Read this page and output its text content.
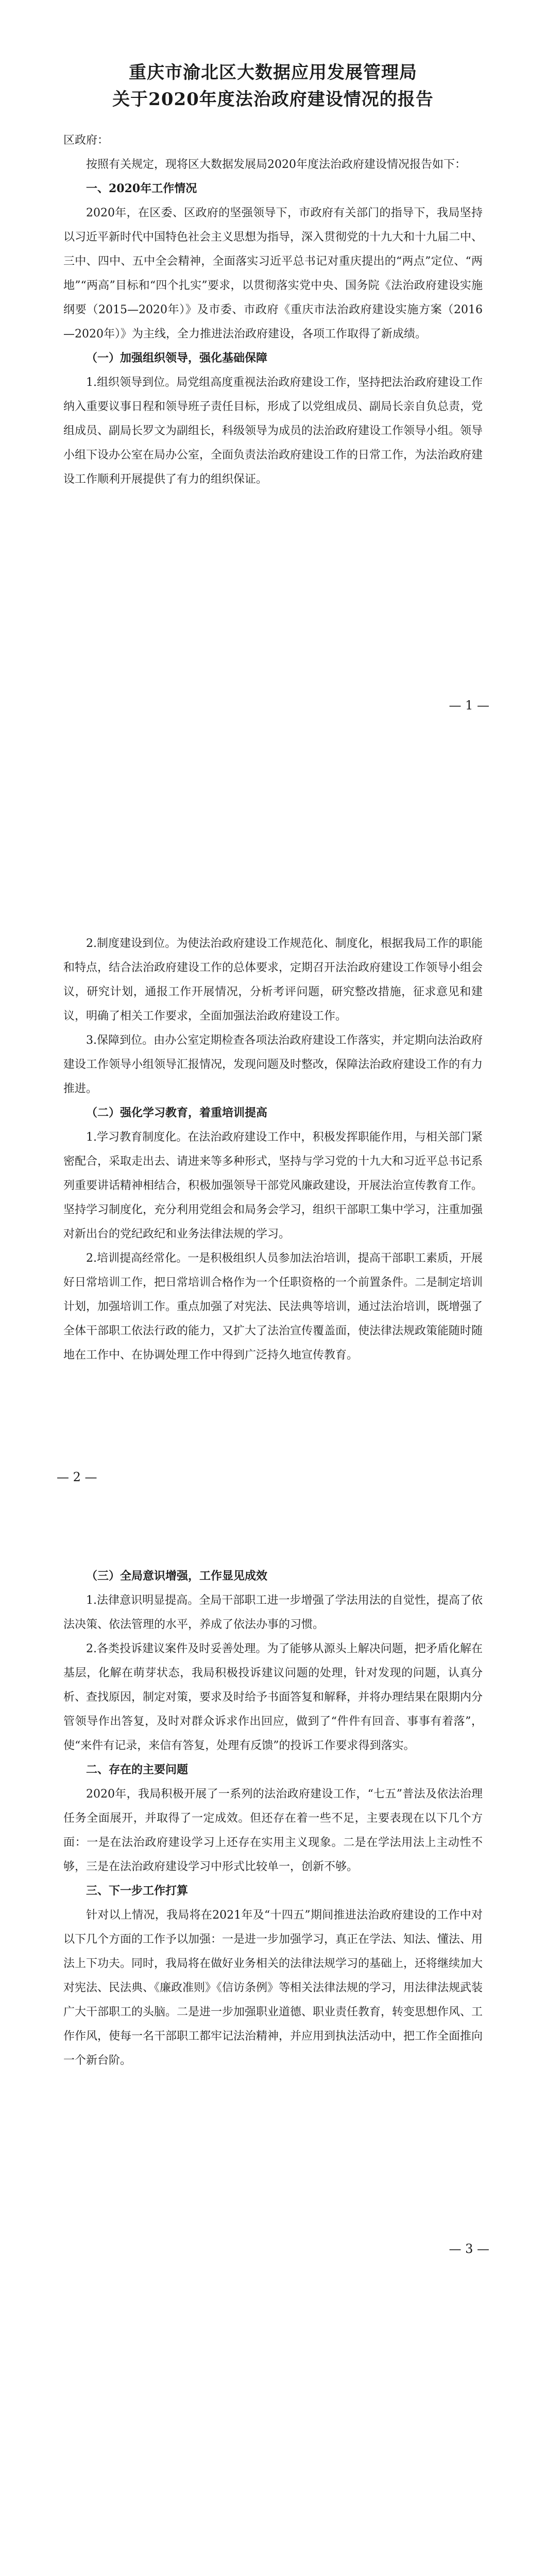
重庆市渝北区大数据应用发展管理局
关于2020年度法治政府建设情况的报告

区政府：

按照有关规定，现将区大数据发展局2020年度法治政府建设情况报告如下：

一、2020年工作情况

2020年，在区委、区政府的坚强领导下，市政府有关部门的指导下，我局坚持以习近平新时代中国特色社会主义思想为指导，深入贯彻党的十九大和十九届二中、三中、四中、五中全会精神，全面落实习近平总书记对重庆提出的“两点”定位、“两地”“两高”目标和“四个扎实”要求，以贯彻落实党中央、国务院《法治政府建设实施纲要（2015—2020年）》及市委、市政府《重庆市法治政府建设实施方案（2016—2020年）》为主线，全力推进法治政府建设，各项工作取得了新成绩。

（一）加强组织领导，强化基础保障

1.组织领导到位。局党组高度重视法治政府建设工作，坚持把法治政府建设工作纳入重要议事日程和领导班子责任目标，形成了以党组成员、副局长亲自负总责，党组成员、副局长罗文为副组长，科级领导为成员的法治政府建设工作领导小组。领导小组下设办公室在局办公室，全面负责法治政府建设工作的日常工作，为法治政府建设工作顺利开展提供了有力的组织保证。

— 1 —

2.制度建设到位。为使法治政府建设工作规范化、制度化，根据我局工作的职能和特点，结合法治政府建设工作的总体要求，定期召开法治政府建设工作领导小组会议，研究计划，通报工作开展情况，分析考评问题，研究整改措施，征求意见和建议，明确了相关工作要求，全面加强法治政府建设工作。

3.保障到位。由办公室定期检查各项法治政府建设工作落实，并定期向法治政府建设工作领导小组领导汇报情况，发现问题及时整改，保障法治政府建设工作的有力推进。

（二）强化学习教育，着重培训提高

1.学习教育制度化。在法治政府建设工作中，积极发挥职能作用，与相关部门紧密配合，采取走出去、请进来等多种形式，坚持与学习党的十九大和习近平总书记系列重要讲话精神相结合，积极加强领导干部党风廉政建设，开展法治宣传教育工作。坚持学习制度化，充分利用党组会和局务会学习，组织干部职工集中学习，注重加强对新出台的党纪政纪和业务法律法规的学习。

2.培训提高经常化。一是积极组织人员参加法治培训，提高干部职工素质，开展好日常培训工作，把日常培训合格作为一个任职资格的一个前置条件。二是制定培训计划，加强培训工作。重点加强了对宪法、民法典等培训，通过法治培训，既增强了全体干部职工依法行政的能力，又扩大了法治宣传覆盖面，使法律法规政策能随时随地在工作中、在协调处理工作中得到广泛持久地宣传教育。

— 2 —

（三）全局意识增强，工作显见成效

1.法律意识明显提高。全局干部职工进一步增强了学法用法的自觉性，提高了依法决策、依法管理的水平，养成了依法办事的习惯。

2.各类投诉建议案件及时妥善处理。为了能够从源头上解决问题，把矛盾化解在基层，化解在萌芽状态，我局积极投诉建议问题的处理，针对发现的问题，认真分析、查找原因，制定对策，要求及时给予书面答复和解释，并将办理结果在限期内分管领导作出答复，及时对群众诉求作出回应，做到了“件件有回音、事事有着落”，使“来件有记录，来信有答复，处理有反馈”的投诉工作要求得到落实。

二、存在的主要问题

2020年，我局积极开展了一系列的法治政府建设工作，“七五”普法及依法治理任务全面展开，并取得了一定成效。但还存在着一些不足，主要表现在以下几个方面：一是在法治政府建设学习上还存在实用主义现象。二是在学法用法上主动性不够，三是在法治政府建设学习中形式比较单一，创新不够。

三、下一步工作打算

针对以上情况，我局将在2021年及“十四五”期间推进法治政府建设的工作中对以下几个方面的工作予以加强：一是进一步加强学习，真正在学法、知法、懂法、用法上下功夫。同时，我局将在做好业务相关的法律法规学习的基础上，还将继续加大对宪法、民法典、《廉政准则》《信访条例》等相关法律法规的学习，用法律法规武装广大干部职工的头脑。二是进一步加强职业道德、职业责任教育，转变思想作风、工作作风，使每一名干部职工都牢记法治精神，并应用到执法活动中，把工作全面推向一个新台阶。

— 3 —
